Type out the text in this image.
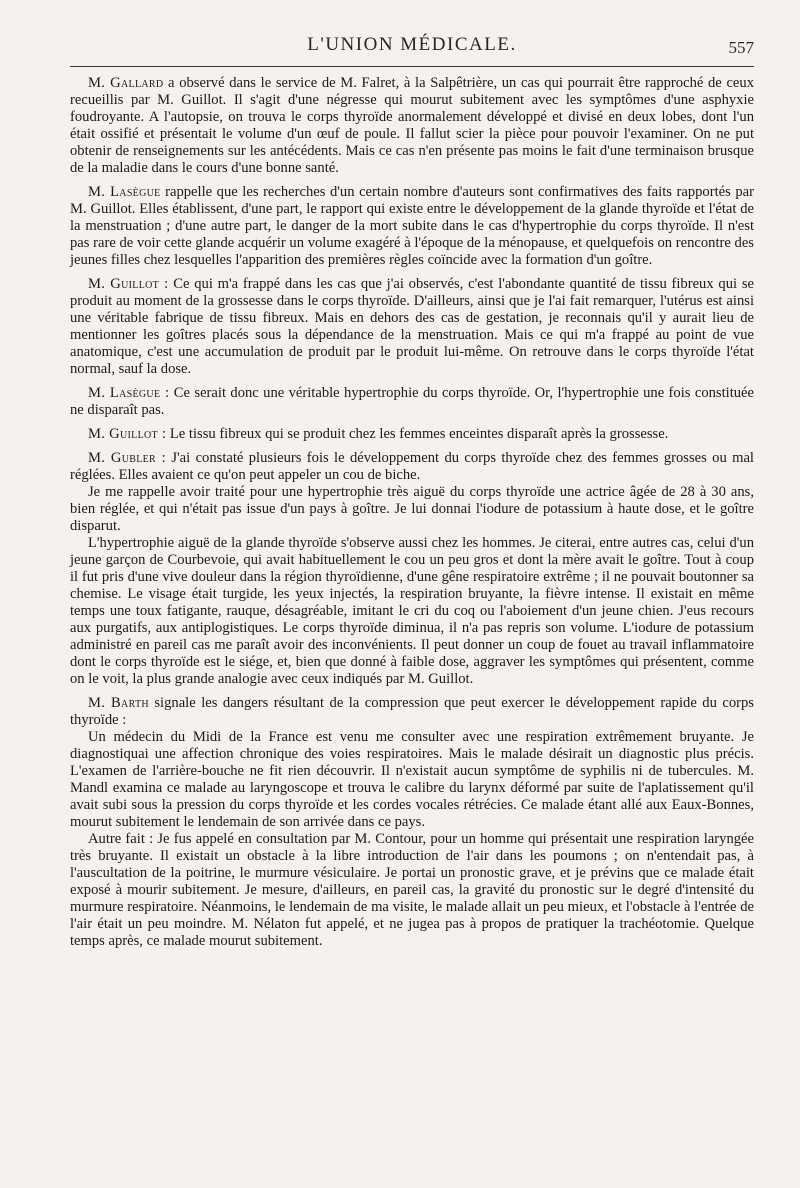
L'UNION MÉDICALE.	557

M. Gallard a observé dans le service de M. Falret, à la Salpêtrière, un cas qui pourrait être rapproché de ceux recueillis par M. Guillot. Il s'agit d'une négresse qui mourut subitement avec les symptômes d'une asphyxie foudroyante. A l'autopsie, on trouva le corps thyroïde anormalement développé et divisé en deux lobes, dont l'un était ossifié et présentait le volume d'un œuf de poule. Il fallut scier la pièce pour pouvoir l'examiner. On ne put obtenir de renseignements sur les antécédents. Mais ce cas n'en présente pas moins le fait d'une terminaison brusque de la maladie dans le cours d'une bonne santé.

M. Lasègue rappelle que les recherches d'un certain nombre d'auteurs sont confirmatives des faits rapportés par M. Guillot. Elles établissent, d'une part, le rapport qui existe entre le développement de la glande thyroïde et l'état de la menstruation ; d'une autre part, le danger de la mort subite dans le cas d'hypertrophie du corps thyroïde. Il n'est pas rare de voir cette glande acquérir un volume exagéré à l'époque de la ménopause, et quelquefois on rencontre des jeunes filles chez lesquelles l'apparition des premières règles coïncide avec la formation d'un goître.

M. Guillot : Ce qui m'a frappé dans les cas que j'ai observés, c'est l'abondante quantité de tissu fibreux qui se produit au moment de la grossesse dans le corps thyroïde. D'ailleurs, ainsi que je l'ai fait remarquer, l'utérus est ainsi une véritable fabrique de tissu fibreux. Mais en dehors des cas de gestation, je reconnais qu'il y aurait lieu de mentionner les goîtres placés sous la dépendance de la menstruation. Mais ce qui m'a frappé au point de vue anatomique, c'est une accumulation de produit par le produit lui-même. On retrouve dans le corps thyroïde l'état normal, sauf la dose.

M. Lasègue : Ce serait donc une véritable hypertrophie du corps thyroïde. Or, l'hypertrophie une fois constituée ne disparaît pas.

M. Guillot : Le tissu fibreux qui se produit chez les femmes enceintes disparaît après la grossesse.

M. Gubler : J'ai constaté plusieurs fois le développement du corps thyroïde chez des femmes grosses ou mal réglées. Elles avaient ce qu'on peut appeler un cou de biche.

Je me rappelle avoir traité pour une hypertrophie très aiguë du corps thyroïde une actrice âgée de 28 à 30 ans, bien réglée, et qui n'était pas issue d'un pays à goître. Je lui donnai l'iodure de potassium à haute dose, et le goître disparut.

L'hypertrophie aiguë de la glande thyroïde s'observe aussi chez les hommes. Je citerai, entre autres cas, celui d'un jeune garçon de Courbevoie, qui avait habituellement le cou un peu gros et dont la mère avait le goître. Tout à coup il fut pris d'une vive douleur dans la région thyroïdienne, d'une gêne respiratoire extrême ; il ne pouvait boutonner sa chemise. Le visage était turgide, les yeux injectés, la respiration bruyante, la fièvre intense. Il existait en même temps une toux fatigante, rauque, désagréable, imitant le cri du coq ou l'aboiement d'un jeune chien. J'eus recours aux purgatifs, aux antiplogistiques. Le corps thyroïde diminua, il n'a pas repris son volume. L'iodure de potassium administré en pareil cas me paraît avoir des inconvénients. Il peut donner un coup de fouet au travail inflammatoire dont le corps thyroïde est le siége, et, bien que donné à faible dose, aggraver les symptômes qui présentent, comme on le voit, la plus grande analogie avec ceux indiqués par M. Guillot.

M. Barth signale les dangers résultant de la compression que peut exercer le développement rapide du corps thyroïde :

Un médecin du Midi de la France est venu me consulter avec une respiration extrêmement bruyante. Je diagnostiquai une affection chronique des voies respiratoires. Mais le malade désirait un diagnostic plus précis. L'examen de l'arrière-bouche ne fit rien découvrir. Il n'existait aucun symptôme de syphilis ni de tubercules. M. Mandl examina ce malade au laryngoscope et trouva le calibre du larynx déformé par suite de l'aplatissement qu'il avait subi sous la pression du corps thyroïde et les cordes vocales rétrécies. Ce malade étant allé aux Eaux-Bonnes, mourut subitement le lendemain de son arrivée dans ce pays.

Autre fait : Je fus appelé en consultation par M. Contour, pour un homme qui présentait une respiration laryngée très bruyante. Il existait un obstacle à la libre introduction de l'air dans les poumons ; on n'entendait pas, à l'auscultation de la poitrine, le murmure vésiculaire. Je portai un pronostic grave, et je prévins que ce malade était exposé à mourir subitement. Je mesure, d'ailleurs, en pareil cas, la gravité du pronostic sur le degré d'intensité du murmure respiratoire. Néanmoins, le lendemain de ma visite, le malade allait un peu mieux, et l'obstacle à l'entrée de l'air était un peu moindre. M. Nélaton fut appelé, et ne jugea pas à propos de pratiquer la trachéotomie. Quelque temps après, ce malade mourut subitement.
